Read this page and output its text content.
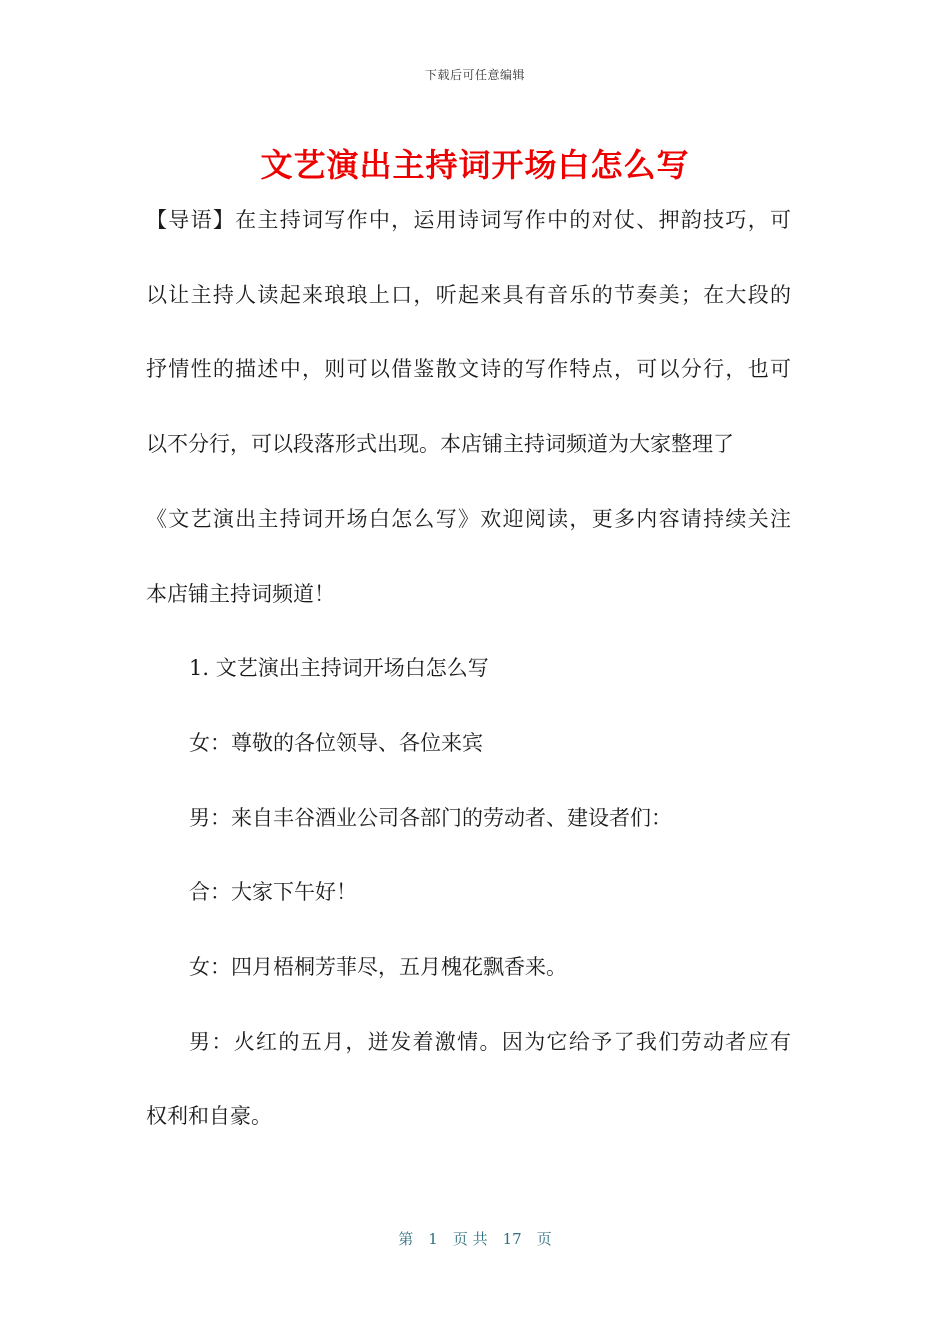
下载后可任意编辑
文艺演出主持词开场白怎么写

【导语】在主持词写作中，运用诗词写作中的对仗、押韵技巧，可

以让主持人读起来琅琅上口，听起来具有音乐的节奏美；在大段的

抒情性的描述中，则可以借鉴散文诗的写作特点，可以分行，也可

以不分行，可以段落形式出现。本店铺主持词频道为大家整理了

《文艺演出主持词开场白怎么写》欢迎阅读，更多内容请持续关注

本店铺主持词频道！

1. 文艺演出主持词开场白怎么写

女：尊敬的各位领导、各位来宾

男：来自丰谷酒业公司各部门的劳动者、建设者们：

合：大家下午好！

女：四月梧桐芳菲尽，五月槐花飘香来。

男：火红的五月，迸发着激情。因为它给予了我们劳动者应有

权利和自豪。

第　1　页 共　17　页
